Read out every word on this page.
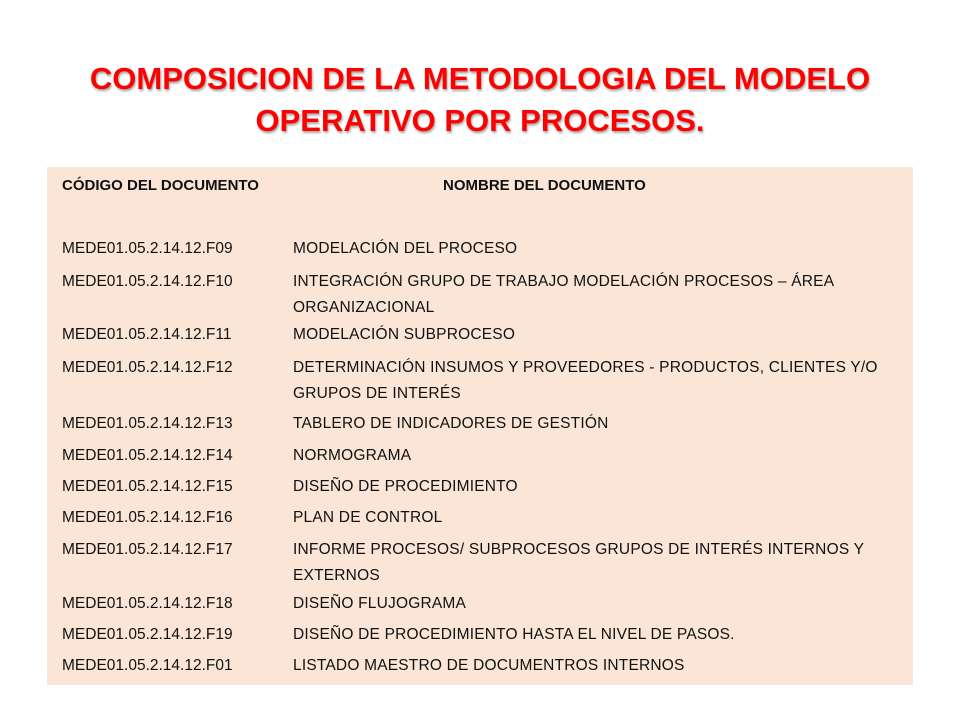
COMPOSICION DE LA METODOLOGIA DEL MODELO
OPERATIVO POR PROCESOS.
CÓDIGO DEL DOCUMENTO	NOMBRE DEL DOCUMENTO
MEDE01.05.2.14.12.F09	MODELACIÓN DEL PROCESO
MEDE01.05.2.14.12.F10	INTEGRACIÓN GRUPO DE TRABAJO MODELACIÓN PROCESOS – ÁREA ORGANIZACIONAL
MEDE01.05.2.14.12.F11	MODELACIÓN SUBPROCESO
MEDE01.05.2.14.12.F12	DETERMINACIÓN INSUMOS Y PROVEEDORES - PRODUCTOS, CLIENTES Y/O GRUPOS DE INTERÉS
MEDE01.05.2.14.12.F13	TABLERO DE INDICADORES DE GESTIÓN
MEDE01.05.2.14.12.F14	NORMOGRAMA
MEDE01.05.2.14.12.F15	DISEÑO DE PROCEDIMIENTO
MEDE01.05.2.14.12.F16	PLAN DE CONTROL
MEDE01.05.2.14.12.F17	INFORME PROCESOS/ SUBPROCESOS GRUPOS DE INTERÉS INTERNOS Y EXTERNOS
MEDE01.05.2.14.12.F18	DISEÑO FLUJOGRAMA
MEDE01.05.2.14.12.F19	DISEÑO DE PROCEDIMIENTO HASTA EL NIVEL DE PASOS.
MEDE01.05.2.14.12.F01	LISTADO MAESTRO DE DOCUMENTROS INTERNOS
